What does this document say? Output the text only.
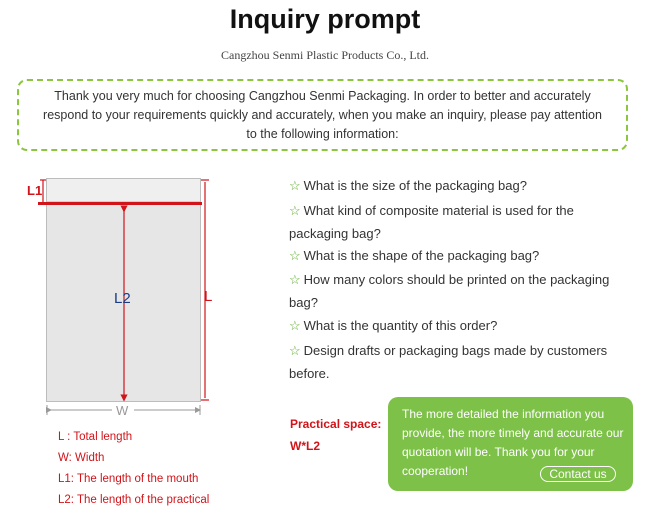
Inquiry prompt
Cangzhou Senmi Plastic Products Co., Ltd.
Thank you very much for choosing Cangzhou Senmi Packaging. In order to better and accurately respond to your requirements quickly and accurately, when you make an inquiry, please pay attention to the following information:
L1
L2	L
W
L : Total length
W: Width
L1: The length of the mouth
L2: The length of the practical
☆ What is the size of the packaging bag?
☆ What kind of composite material is used for the packaging bag?
☆ What is the shape of the packaging bag?
☆ How many colors should be printed on the packaging bag?
☆ What is the quantity of this order?
☆ Design drafts or packaging bags made by customers before.
Practical space:
W*L2
The more detailed the information you provide, the more timely and accurate our quotation will be. Thank you for your cooperation!	Contact us
